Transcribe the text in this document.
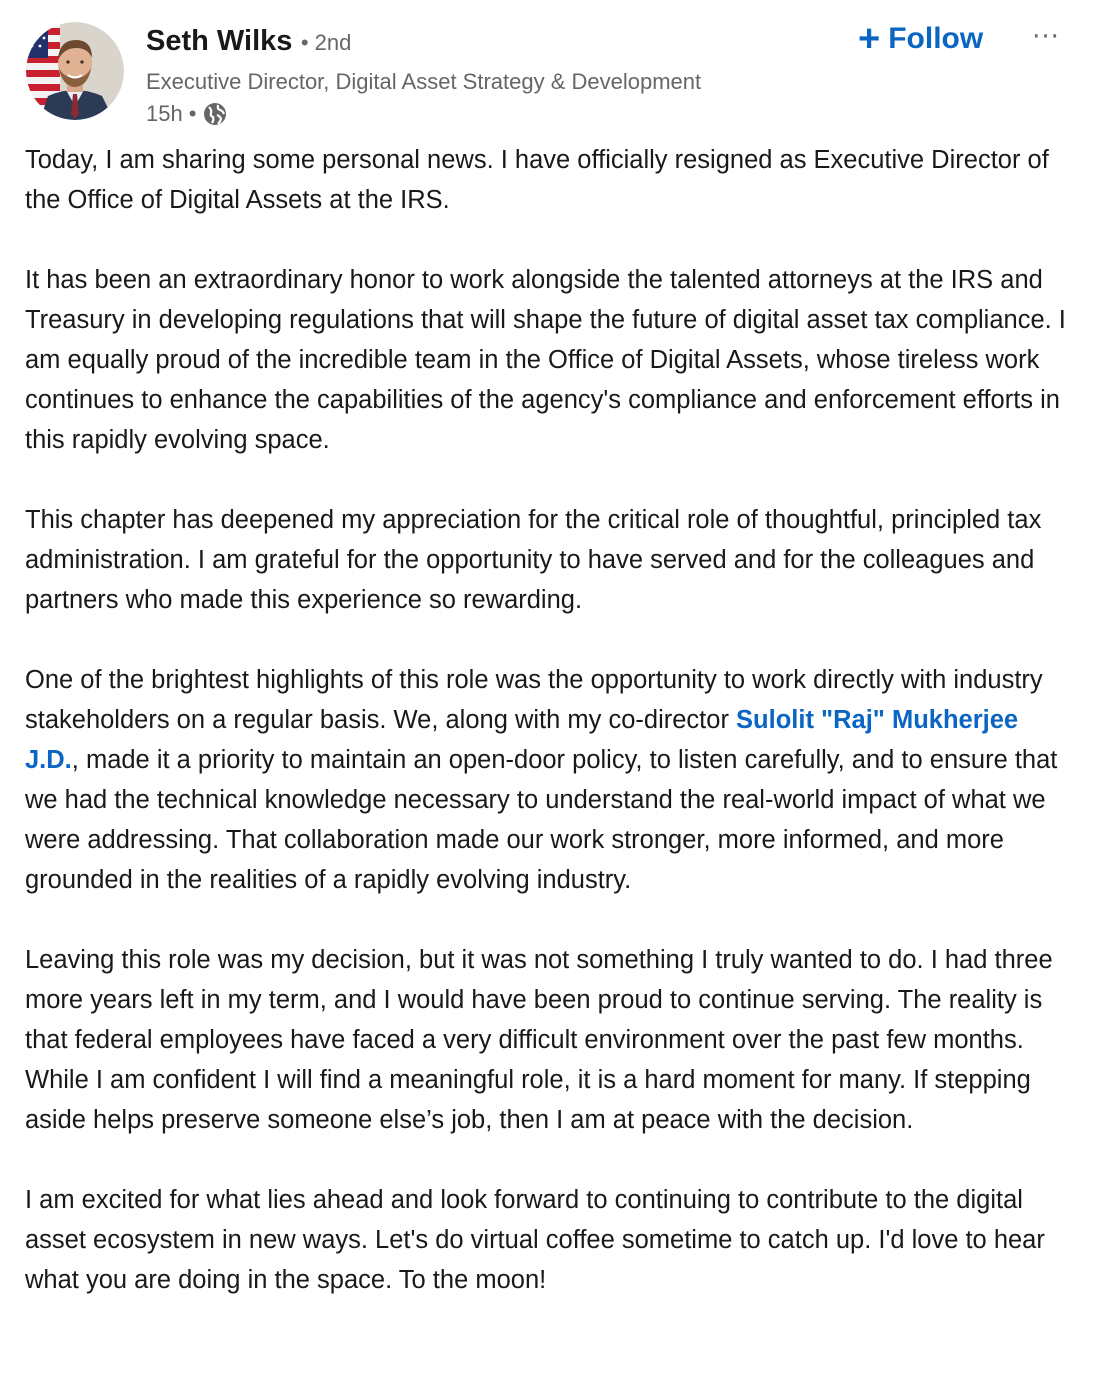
Seth Wilks • 2nd
Executive Director, Digital Asset Strategy & Development
15h •
+ Follow ···

Today, I am sharing some personal news. I have officially resigned as Executive Director of the Office of Digital Assets at the IRS.

It has been an extraordinary honor to work alongside the talented attorneys at the IRS and Treasury in developing regulations that will shape the future of digital asset tax compliance. I am equally proud of the incredible team in the Office of Digital Assets, whose tireless work continues to enhance the capabilities of the agency's compliance and enforcement efforts in this rapidly evolving space.

This chapter has deepened my appreciation for the critical role of thoughtful, principled tax administration. I am grateful for the opportunity to have served and for the colleagues and partners who made this experience so rewarding.

One of the brightest highlights of this role was the opportunity to work directly with industry stakeholders on a regular basis. We, along with my co-director Sulolit "Raj" Mukherjee J.D., made it a priority to maintain an open-door policy, to listen carefully, and to ensure that we had the technical knowledge necessary to understand the real-world impact of what we were addressing. That collaboration made our work stronger, more informed, and more grounded in the realities of a rapidly evolving industry.

Leaving this role was my decision, but it was not something I truly wanted to do. I had three more years left in my term, and I would have been proud to continue serving. The reality is that federal employees have faced a very difficult environment over the past few months. While I am confident I will find a meaningful role, it is a hard moment for many. If stepping aside helps preserve someone else’s job, then I am at peace with the decision.

I am excited for what lies ahead and look forward to continuing to contribute to the digital asset ecosystem in new ways. Let's do virtual coffee sometime to catch up. I'd love to hear what you are doing in the space. To the moon!
